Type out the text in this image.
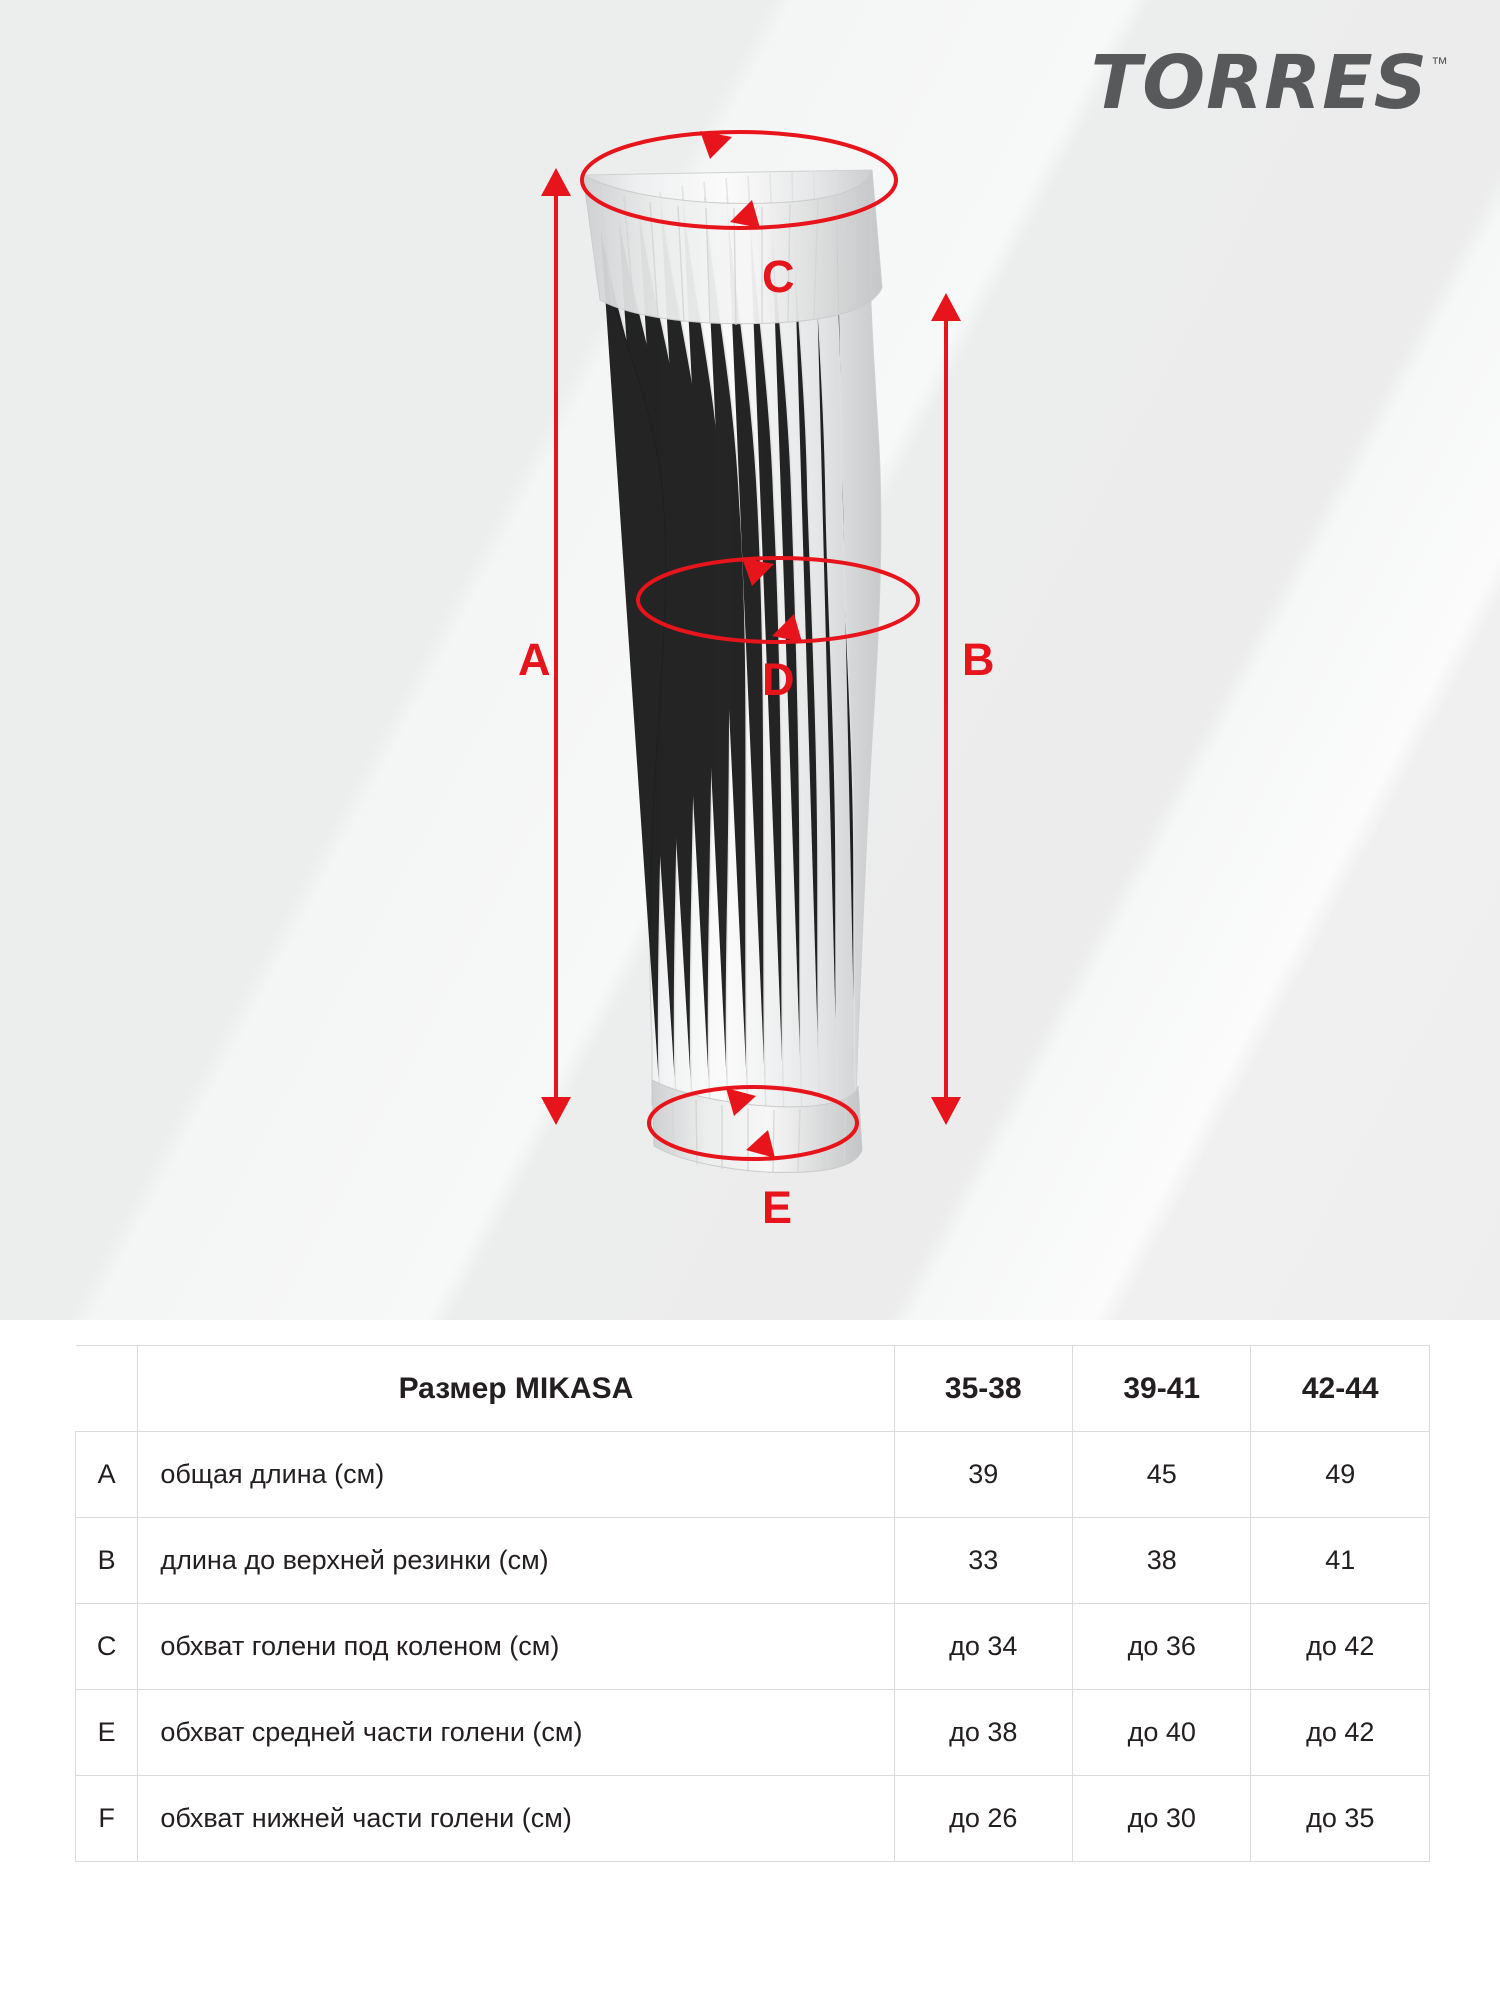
TORRES ™
A	B
C
D
E
	Размер MIKASA	35-38	39-41	42-44
A	общая длина (см)	39	45	49
B	длина до верхней резинки (см)	33	38	41
C	обхват голени под коленом (см)	до 34	до 36	до 42
E	обхват средней части голени (см)	до 38	до 40	до 42
F	обхват нижней части голени (см)	до 26	до 30	до 35
